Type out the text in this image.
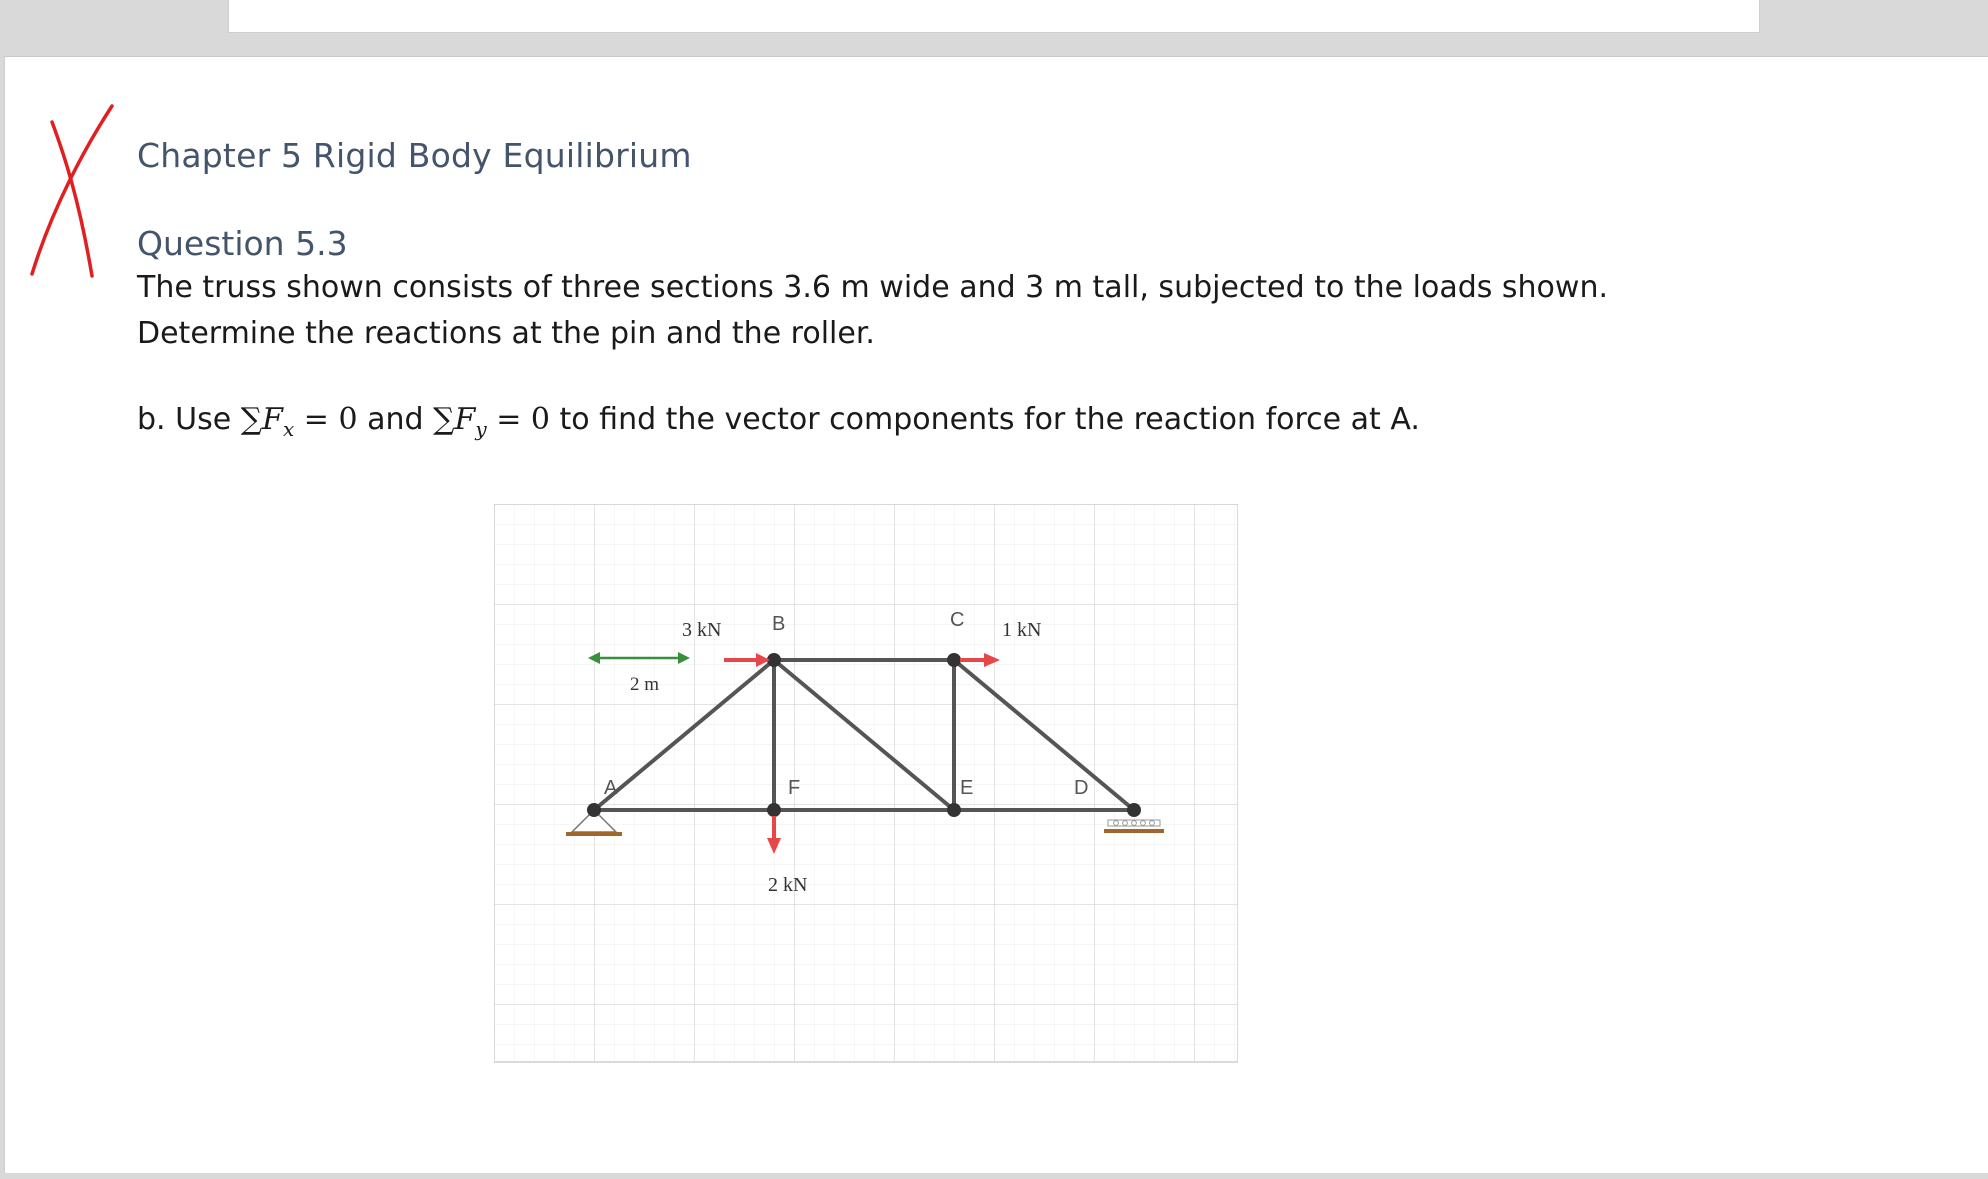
Chapter 5 Rigid Body Equilibrium
Question 5.3
The truss shown consists of three sections 3.6 m wide and 3 m tall, subjected to the loads shown.
Determine the reactions at the pin and the roller.
b. Use $\sum F_x = 0$ and $\sum F_y = 0$ to find the vector components for the reaction force at A.
A
B	C
D
E
F
3 kN	1 kN
2 kN
2 m
